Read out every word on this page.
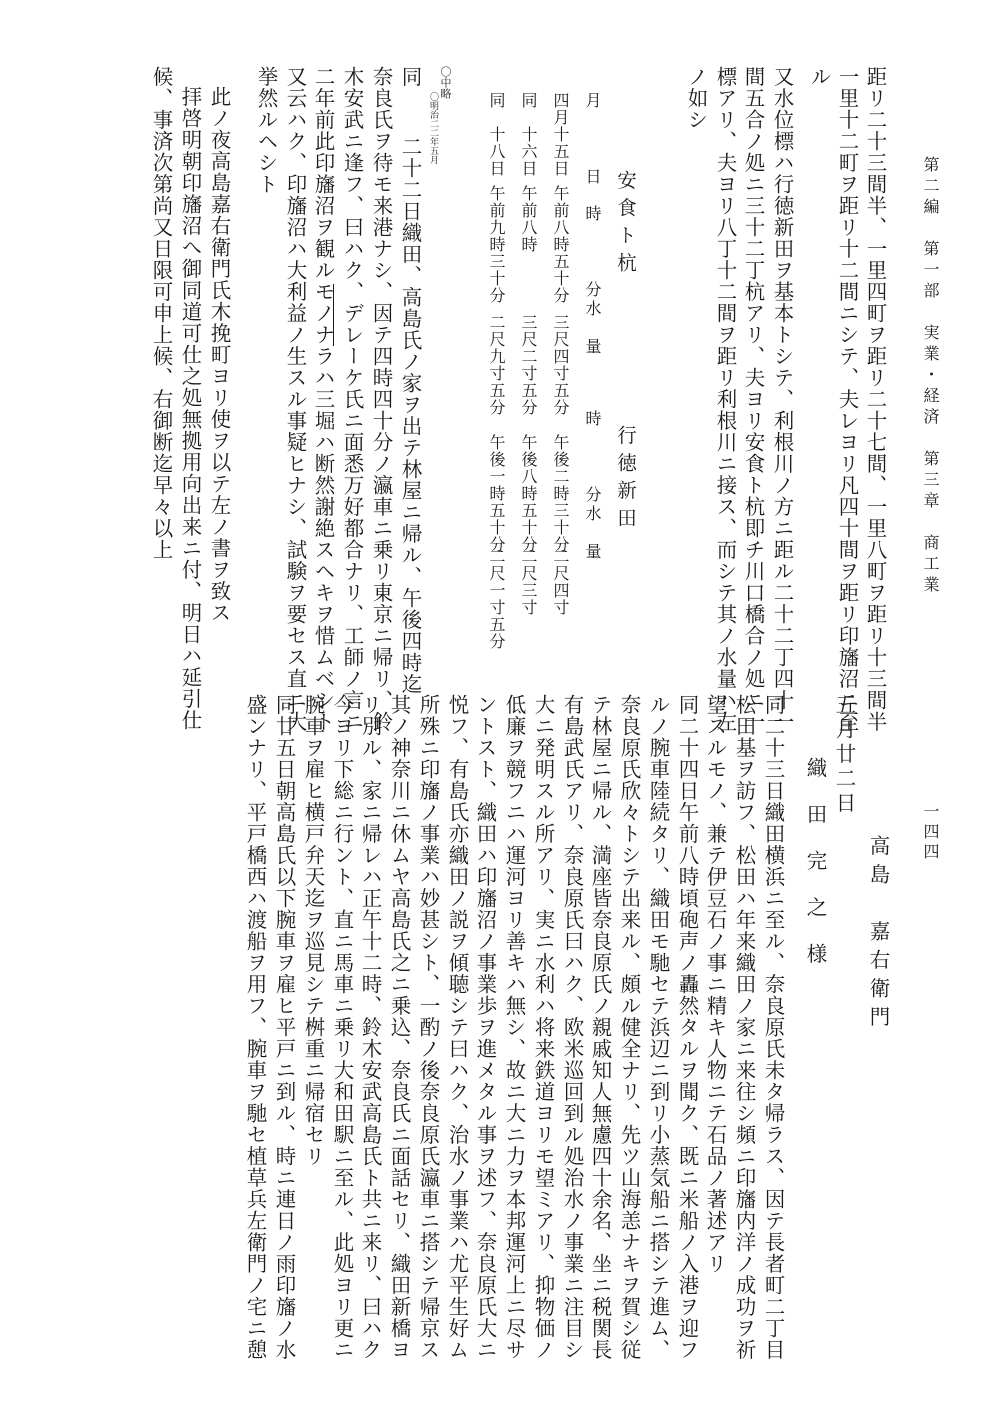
第二編　第一部　実業・経済　第三章　商工業
一四四
距リ二十三間半、一里四町ヲ距リ二十七間、一里八町ヲ距リ十三間半
一里十二町ヲ距リ十二間ニシテ、夫レヨリ凡四十間ヲ距リ印旛沼ニ至
ル
又水位標ハ行徳新田ヲ基本トシテ、利根川ノ方ニ距ル二十二丁四十一
間五合ノ処ニ三十二丁杭アリ、夫ヨリ安食ト杭即チ川口橋合ノ処ニ一
標アリ、夫ヨリ八丁十二間ヲ距リ利根川ニ接ス、而シテ其ノ水量ハ左
ノ如シ
安食ト杭
行徳新田
月　日
時　分
水量
時　分
水量
四月十五日
午前八時五十分
三尺四寸五分
午後二時三十分
二尺四寸
同　十六日
午前八時
三尺二寸五分
午後八時五十分
二尺三寸
同　十八日
午前九時三十分
二尺九寸五分
午後一時五十分
二尺一寸五分
〇中略
同
〇明治二二年五月
二十二日織田、高島氏ノ家ヲ出テ林屋ニ帰ル、午後四時迄
奈良氏ヲ待モ来港ナシ、因テ四時四十分ノ瀛車ニ乗リ東京ニ帰リ、鈴
木安武ニ逢フ、曰ハク、デレーケ氏ニ面悉万好都合ナリ、工師ノ言ニ
二年前此印旛沼ヲ観ルモノナラハ三堀ハ断然謝絶スヘキヲ惜ムベシト
又云ハク、印旛沼ハ大利益ノ生スル事疑ヒナシ、試験ヲ要セス直ニ大
挙然ルヘシト
此ノ夜高島嘉右衛門氏木挽町ヨリ使ヲ以テ左ノ書ヲ致ス
拝啓明朝印旛沼へ御同道可仕之処無拠用向出来ニ付、明日ハ延引仕
候、事済次第尚又日限可申上候、右御断迄早々以上
高島　嘉右衛門
五月廿二日
織田完之様
同二十三日織田横浜ニ至ル、奈良原氏未タ帰ラス、因テ長者町二丁目
松田基ヲ訪フ、松田ハ年来織田ノ家ニ来往シ頻ニ印旛内洋ノ成功ヲ祈
望スルモノ、兼テ伊豆石ノ事ニ精キ人物ニテ石品ノ著述アリ
同二十四日午前八時頃砲声ノ轟然タルヲ聞ク、既ニ米船ノ入港ヲ迎フ
ルノ腕車陸続タリ、織田モ馳セテ浜辺ニ到リ小蒸気船ニ搭シテ進ム、
奈良原氏欣々トシテ出来ル、頗ル健全ナリ、先ツ山海恙ナキヲ賀シ従
テ林屋ニ帰ル、満座皆奈良原氏ノ親戚知人無慮四十余名、坐ニ税関長
有島武氏アリ、奈良原氏曰ハク、欧米巡回到ル処治水ノ事業ニ注目シ
大ニ発明スル所アリ、実ニ水利ハ将来鉄道ヨリモ望ミアリ、抑物価ノ
低廉ヲ競フニハ運河ヨリ善キハ無シ、故ニ大ニ力ヲ本邦運河上ニ尽サ
ントスト、織田ハ印旛沼ノ事業歩ヲ進メタル事ヲ述フ、奈良原氏大ニ
悦フ、有島氏亦織田ノ説ヲ傾聴シテ曰ハク、治水ノ事業ハ尤平生好ム
所殊ニ印旛ノ事業ハ妙甚シト、一酌ノ後奈良原氏瀛車ニ搭シテ帰京ス
其ノ神奈川ニ休ムヤ高島氏之ニ乗込、奈良氏ニ面話セリ、織田新橋ヨ
リ別ル、家ニ帰レハ正午十二時、鈴木安武高島氏ト共ニ来リ、曰ハク
今ヨリ下総ニ行ント、直ニ馬車ニ乗リ大和田駅ニ至ル、此処ヨリ更ニ
腕車ヲ雇ヒ横戸弁天迄ヲ巡見シテ桝重ニ帰宿セリ
同廿五日朝高島氏以下腕車ヲ雇ヒ平戸ニ到ル、時ニ連日ノ雨印旛ノ水
盛ンナリ、平戸橋西ハ渡船ヲ用フ、腕車ヲ馳セ植草兵左衛門ノ宅ニ憩
